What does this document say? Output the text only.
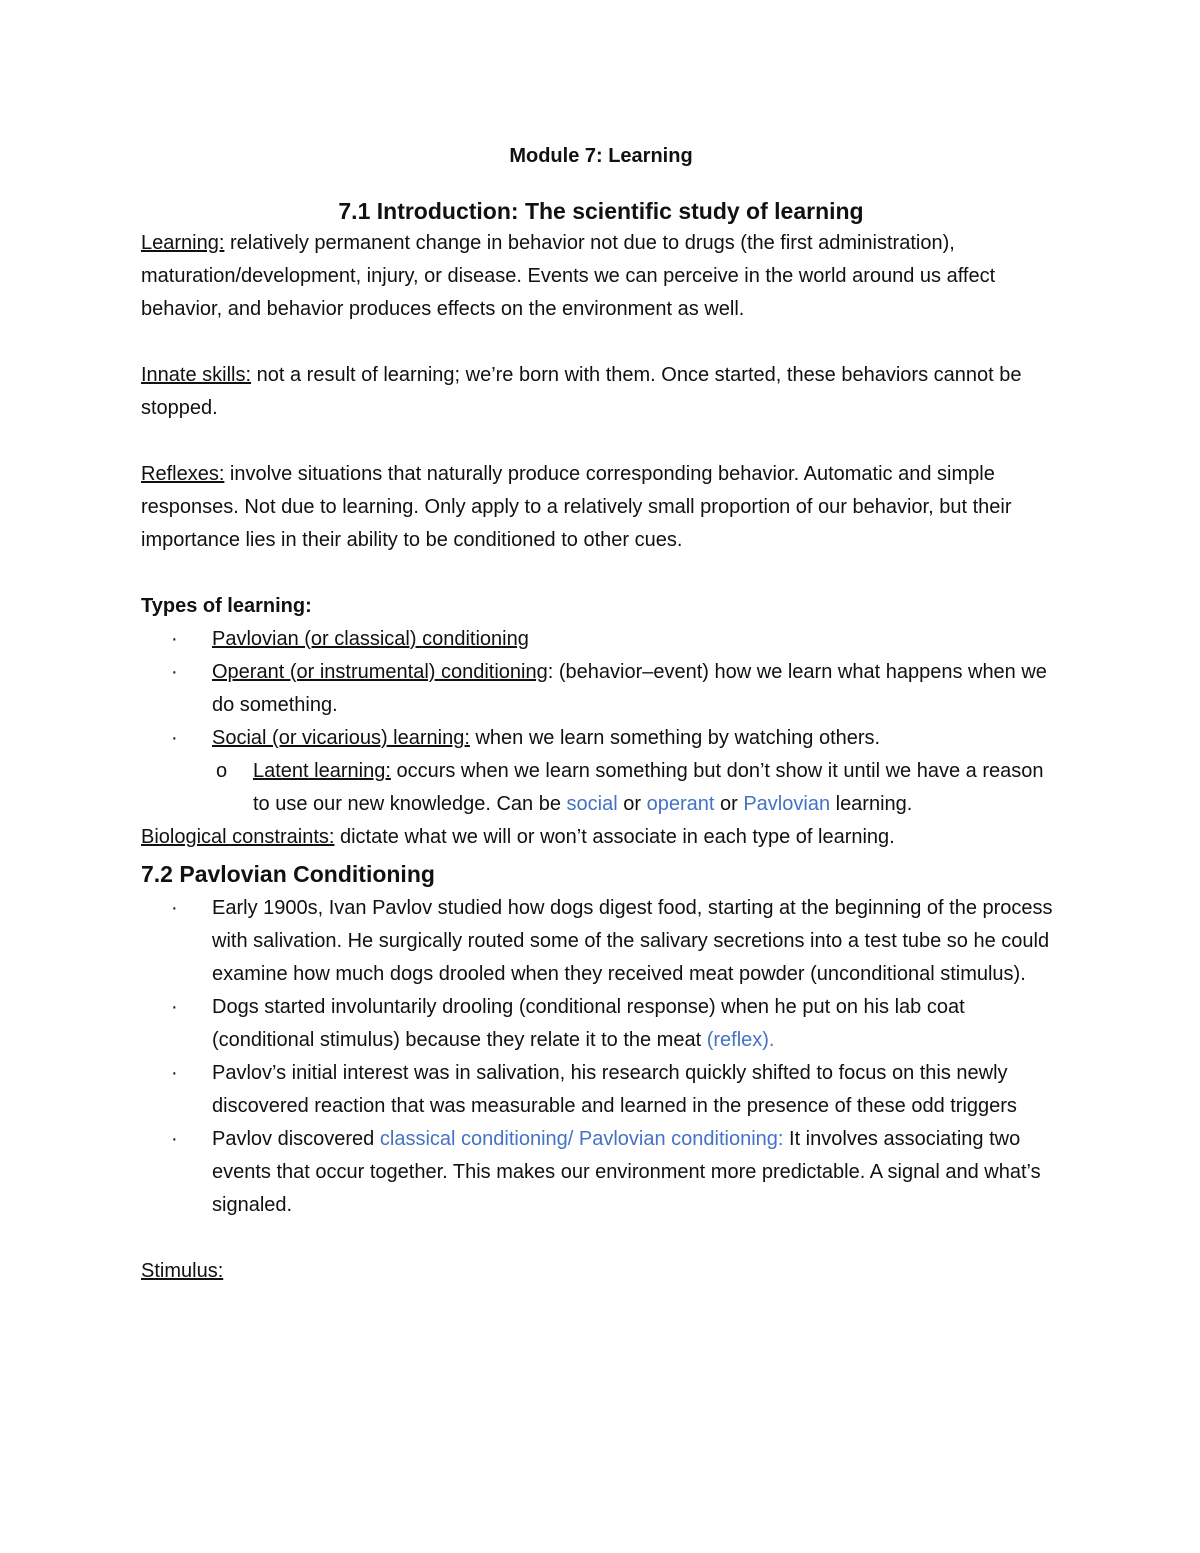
Module 7: Learning

7.1 Introduction: The scientific study of learning

Learning: relatively permanent change in behavior not due to drugs (the first administration), maturation/development, injury, or disease. Events we can perceive in the world around us affect behavior, and behavior produces effects on the environment as well.

Innate skills: not a result of learning; we’re born with them. Once started, these behaviors cannot be stopped.

Reflexes: involve situations that naturally produce corresponding behavior. Automatic and simple responses. Not due to learning. Only apply to a relatively small proportion of our behavior, but their importance lies in their ability to be conditioned to other cues.

Types of learning:

· Pavlovian (or classical) conditioning
· Operant (or instrumental) conditioning: (behavior–event) how we learn what happens when we do something.
· Social (or vicarious) learning: when we learn something by watching others.
o Latent learning: occurs when we learn something but don’t show it until we have a reason to use our new knowledge. Can be social or operant or Pavlovian learning.

Biological constraints: dictate what we will or won’t associate in each type of learning.

7.2 Pavlovian Conditioning

· Early 1900s, Ivan Pavlov studied how dogs digest food, starting at the beginning of the process with salivation. He surgically routed some of the salivary secretions into a test tube so he could examine how much dogs drooled when they received meat powder (unconditional stimulus).
· Dogs started involuntarily drooling (conditional response) when he put on his lab coat (conditional stimulus) because they relate it to the meat (reflex).
· Pavlov’s initial interest was in salivation, his research quickly shifted to focus on this newly discovered reaction that was measurable and learned in the presence of these odd triggers
· Pavlov discovered classical conditioning/ Pavlovian conditioning: It involves associating two events that occur together. This makes our environment more predictable. A signal and what’s signaled.

Stimulus:
